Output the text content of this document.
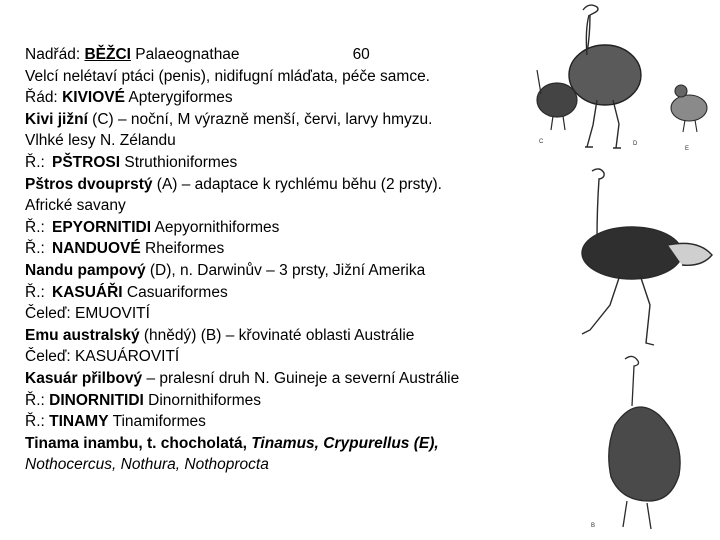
Nadřád: BĚŽCI Palaeognathae	60
Velcí nelétaví ptáci (penis), nidifugní mláďata, péče samce.
Řád: KIVIOVÉ Apterygiformes
Kivi jižní (C) – noční, M výrazně menší, červi, larvy hmyzu.
Vlhké lesy N. Zélandu
Ř.: PŠTROSI Struthioniformes
Pštros dvouprstý (A) – adaptace k rychlému běhu (2 prsty).
Africké savany
Ř.: EPYORNITIDI Aepyornithiformes
Ř.: NANDUOVÉ Rheiformes
Nandu pampový (D), n. Darwinův – 3 prsty, Jižní Amerika
Ř.: KASUÁŘI Casuariformes
Čeleď: EMUOVITÍ
Emu australský (hnědý) (B) – křovinaté oblasti Austrálie
Čeleď: KASUÁROVITÍ
Kasuár přilbový – pralesní druh N. Guineje a severní Austrálie
Ř.: DINORNITIDI Dinornithiformes
Ř.: TINAMY Tinamiformes
Tinama inambu, t. chocholatá, Tinamus, Crypurellus (E),
Nothocercus, Nothura, Nothoprocta
C	D
E
B
